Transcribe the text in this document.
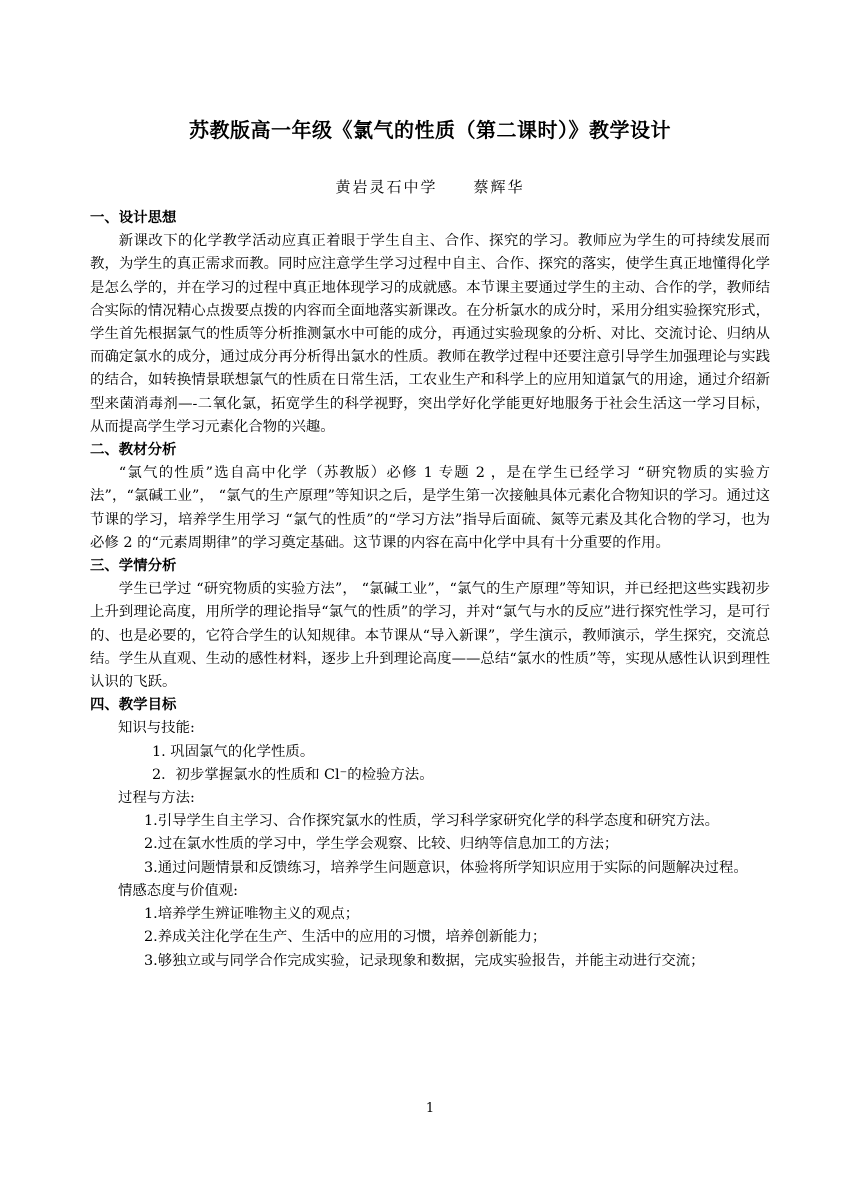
苏教版高一年级《氯气的性质（第二课时）》教学设计
黄岩灵石中学 蔡辉华
一、设计思想

新课改下的化学教学活动应真正着眼于学生自主、合作、探究的学习。教师应为学生的可持续发展而教，为学生的真正需求而教。同时应注意学生学习过程中自主、合作、探究的落实，使学生真正地懂得化学是怎么学的，并在学习的过程中真正地体现学习的成就感。本节课主要通过学生的主动、合作的学，教师结合实际的情况精心点拨要点拨的内容而全面地落实新课改。在分析氯水的成分时，采用分组实验探究形式，学生首先根据氯气的性质等分析推测氯水中可能的成分，再通过实验现象的分析、对比、交流讨论、归纳从而确定氯水的成分，通过成分再分析得出氯水的性质。教师在教学过程中还要注意引导学生加强理论与实践的结合，如转换情景联想氯气的性质在日常生活，工农业生产和科学上的应用知道氯气的用途，通过介绍新型来菌消毒剂—-二氧化氯，拓宽学生的科学视野，突出学好化学能更好地服务于社会生活这一学习目标，从而提高学生学习元素化合物的兴趣。

二、教材分析

“氯气的性质”选自高中化学（苏教版）必修 1 专题 2 ，是在学生已经学习 “研究物质的实验方法”，“氯碱工业”， “氯气的生产原理”等知识之后，是学生第一次接触具体元素化合物知识的学习。通过这节课的学习，培养学生用学习 “氯气的性质”的“学习方法”指导后面硫、氮等元素及其化合物的学习，也为必修 2 的“元素周期律”的学习奠定基础。这节课的内容在高中化学中具有十分重要的作用。

三、学情分析

学生已学过 “研究物质的实验方法”， “氯碱工业”，“氯气的生产原理”等知识，并已经把这些实践初步上升到理论高度，用所学的理论指导“氯气的性质”的学习，并对“氯气与水的反应”进行探究性学习，是可行的、也是必要的，它符合学生的认知规律。本节课从“导入新课”，学生演示，教师演示，学生探究，交流总结。学生从直观、生动的感性材料，逐步上升到理论高度——总结“氯水的性质”等，实现从感性认识到理性认识的飞跃。

四、教学目标
知识与技能:
1. 巩固氯气的化学性质。
2．初步掌握氯水的性质和 Cl⁻的检验方法。
过程与方法:
1.引导学生自主学习、合作探究氯水的性质，学习科学家研究化学的科学态度和研究方法。
2.过在氯水性质的学习中，学生学会观察、比较、归纳等信息加工的方法；
3.通过问题情景和反馈练习，培养学生问题意识，体验将所学知识应用于实际的问题解决过程。
情感态度与价值观:
1.培养学生辨证唯物主义的观点；
2.养成关注化学在生产、生活中的应用的习惯，培养创新能力；
3.够独立或与同学合作完成实验，记录现象和数据，完成实验报告，并能主动进行交流；
1
